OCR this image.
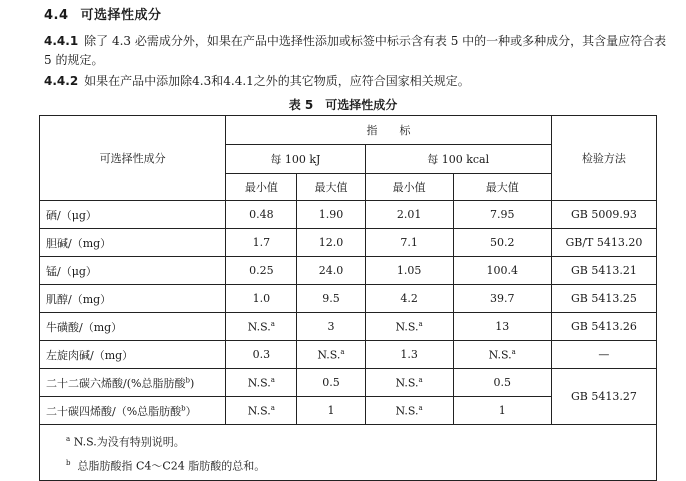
4.4 可选择性成分
4.4.1 除了 4.3 必需成分外，如果在产品中选择性添加或标签中标示含有表 5 中的一种或多种成分，其含量应符合表 5 的规定。
4.4.2 如果在产品中添加除4.3和4.4.1之外的其它物质，应符合国家相关规定。
表 5 可选择性成分
可选择性成分	指　　标				检验方法
	每 100 kJ		每 100 kcal		
	最小值	最大值	最小值	最大值	
硒/（μg）	0.48	1.90	2.01	7.95	GB 5009.93
胆碱/（mg）	1.7	12.0	7.1	50.2	GB/T 5413.20
锰/（μg）	0.25	24.0	1.05	100.4	GB 5413.21
肌醇/（mg）	1.0	9.5	4.2	39.7	GB 5413.25
牛磺酸/（mg）	N.S.$^a$	3	N.S.$^a$	13	GB 5413.26
左旋肉碱/（mg）	0.3	N.S.$^a$	1.3	N.S.$^a$	—
二十二碳六烯酸/(%总脂肪酸$^b$)	N.S.$^a$	0.5	N.S.$^a$	0.5	GB 5413.27
二十碳四烯酸/（%总脂肪酸$^b$）	N.S.$^a$	1	N.S.$^a$	1	

$^a$ N.S.为没有特别说明。
$^b$ 总脂肪酸指 C4～C24 脂肪酸的总和。					
